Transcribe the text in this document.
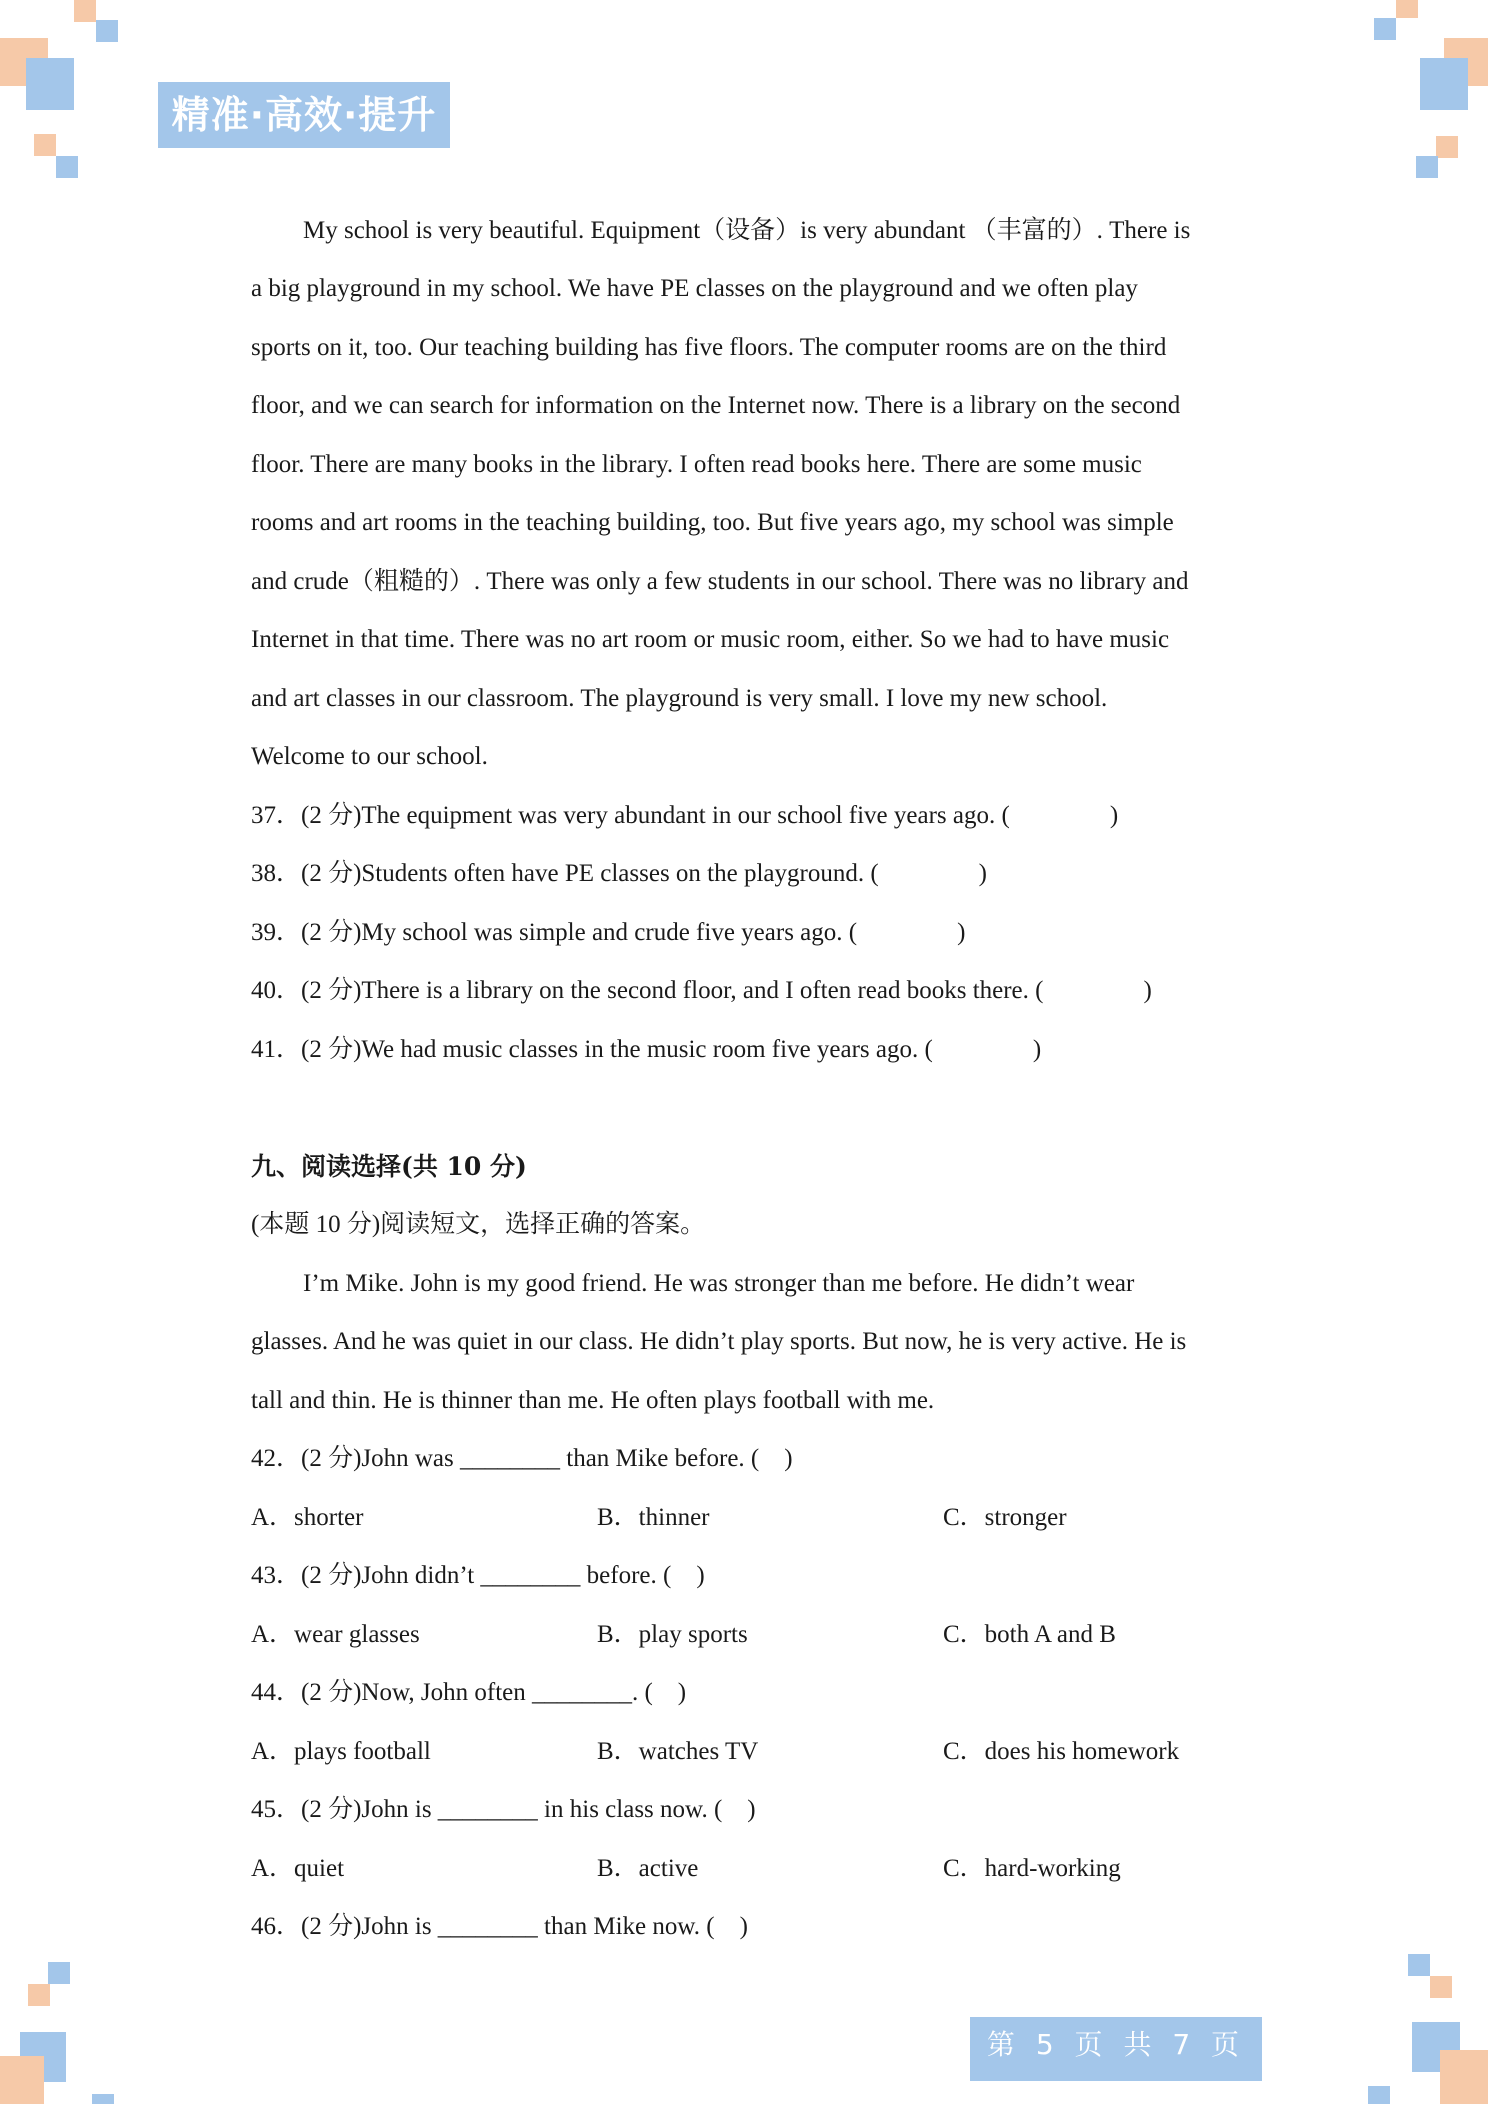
精准·高效·提升
My school is very beautiful. Equipment（设备）is very abundant （丰富的）. There is
a big playground in my school. We have PE classes on the playground and we often play
sports on it, too. Our teaching building has five floors. The computer rooms are on the third
floor, and we can search for information on the Internet now. There is a library on the second
floor. There are many books in the library. I often read books here. There are some music
rooms and art rooms in the teaching building, too. But five years ago, my school was simple
and crude（粗糙的）. There was only a few students in our school. There was no library and
Internet in that time. There was no art room or music room, either. So we had to have music
and art classes in our classroom. The playground is very small. I love my new school.
Welcome to our school.
37．(2 分)The equipment was very abundant in our school five years ago. (　　　　)
38．(2 分)Students often have PE classes on the playground. (　　　　)
39．(2 分)My school was simple and crude five years ago. (　　　　)
40．(2 分)There is a library on the second floor, and I often read books there. (　　　　)
41．(2 分)We had music classes in the music room five years ago. (　　　　)
九、阅读选择(共 10 分)
(本题 10 分)阅读短文，选择正确的答案。
I’m Mike. John is my good friend. He was stronger than me before. He didn’t wear
glasses. And he was quiet in our class. He didn’t play sports. But now, he is very active. He is
tall and thin. He is thinner than me. He often plays football with me.
42．(2 分)John was ________ than Mike before. (　)
A．shorter	B．thinner	C．stronger
43．(2 分)John didn’t ________ before. (　)
A．wear glasses	B．play sports	C．both A and B
44．(2 分)Now, John often ________. (　)
A．plays football	B．watches TV	C．does his homework
45．(2 分)John is ________ in his class now. (　)
A．quiet	B．active	C．hard-working
46．(2 分)John is ________ than Mike now. (　)
第 5 页 共 7 页
